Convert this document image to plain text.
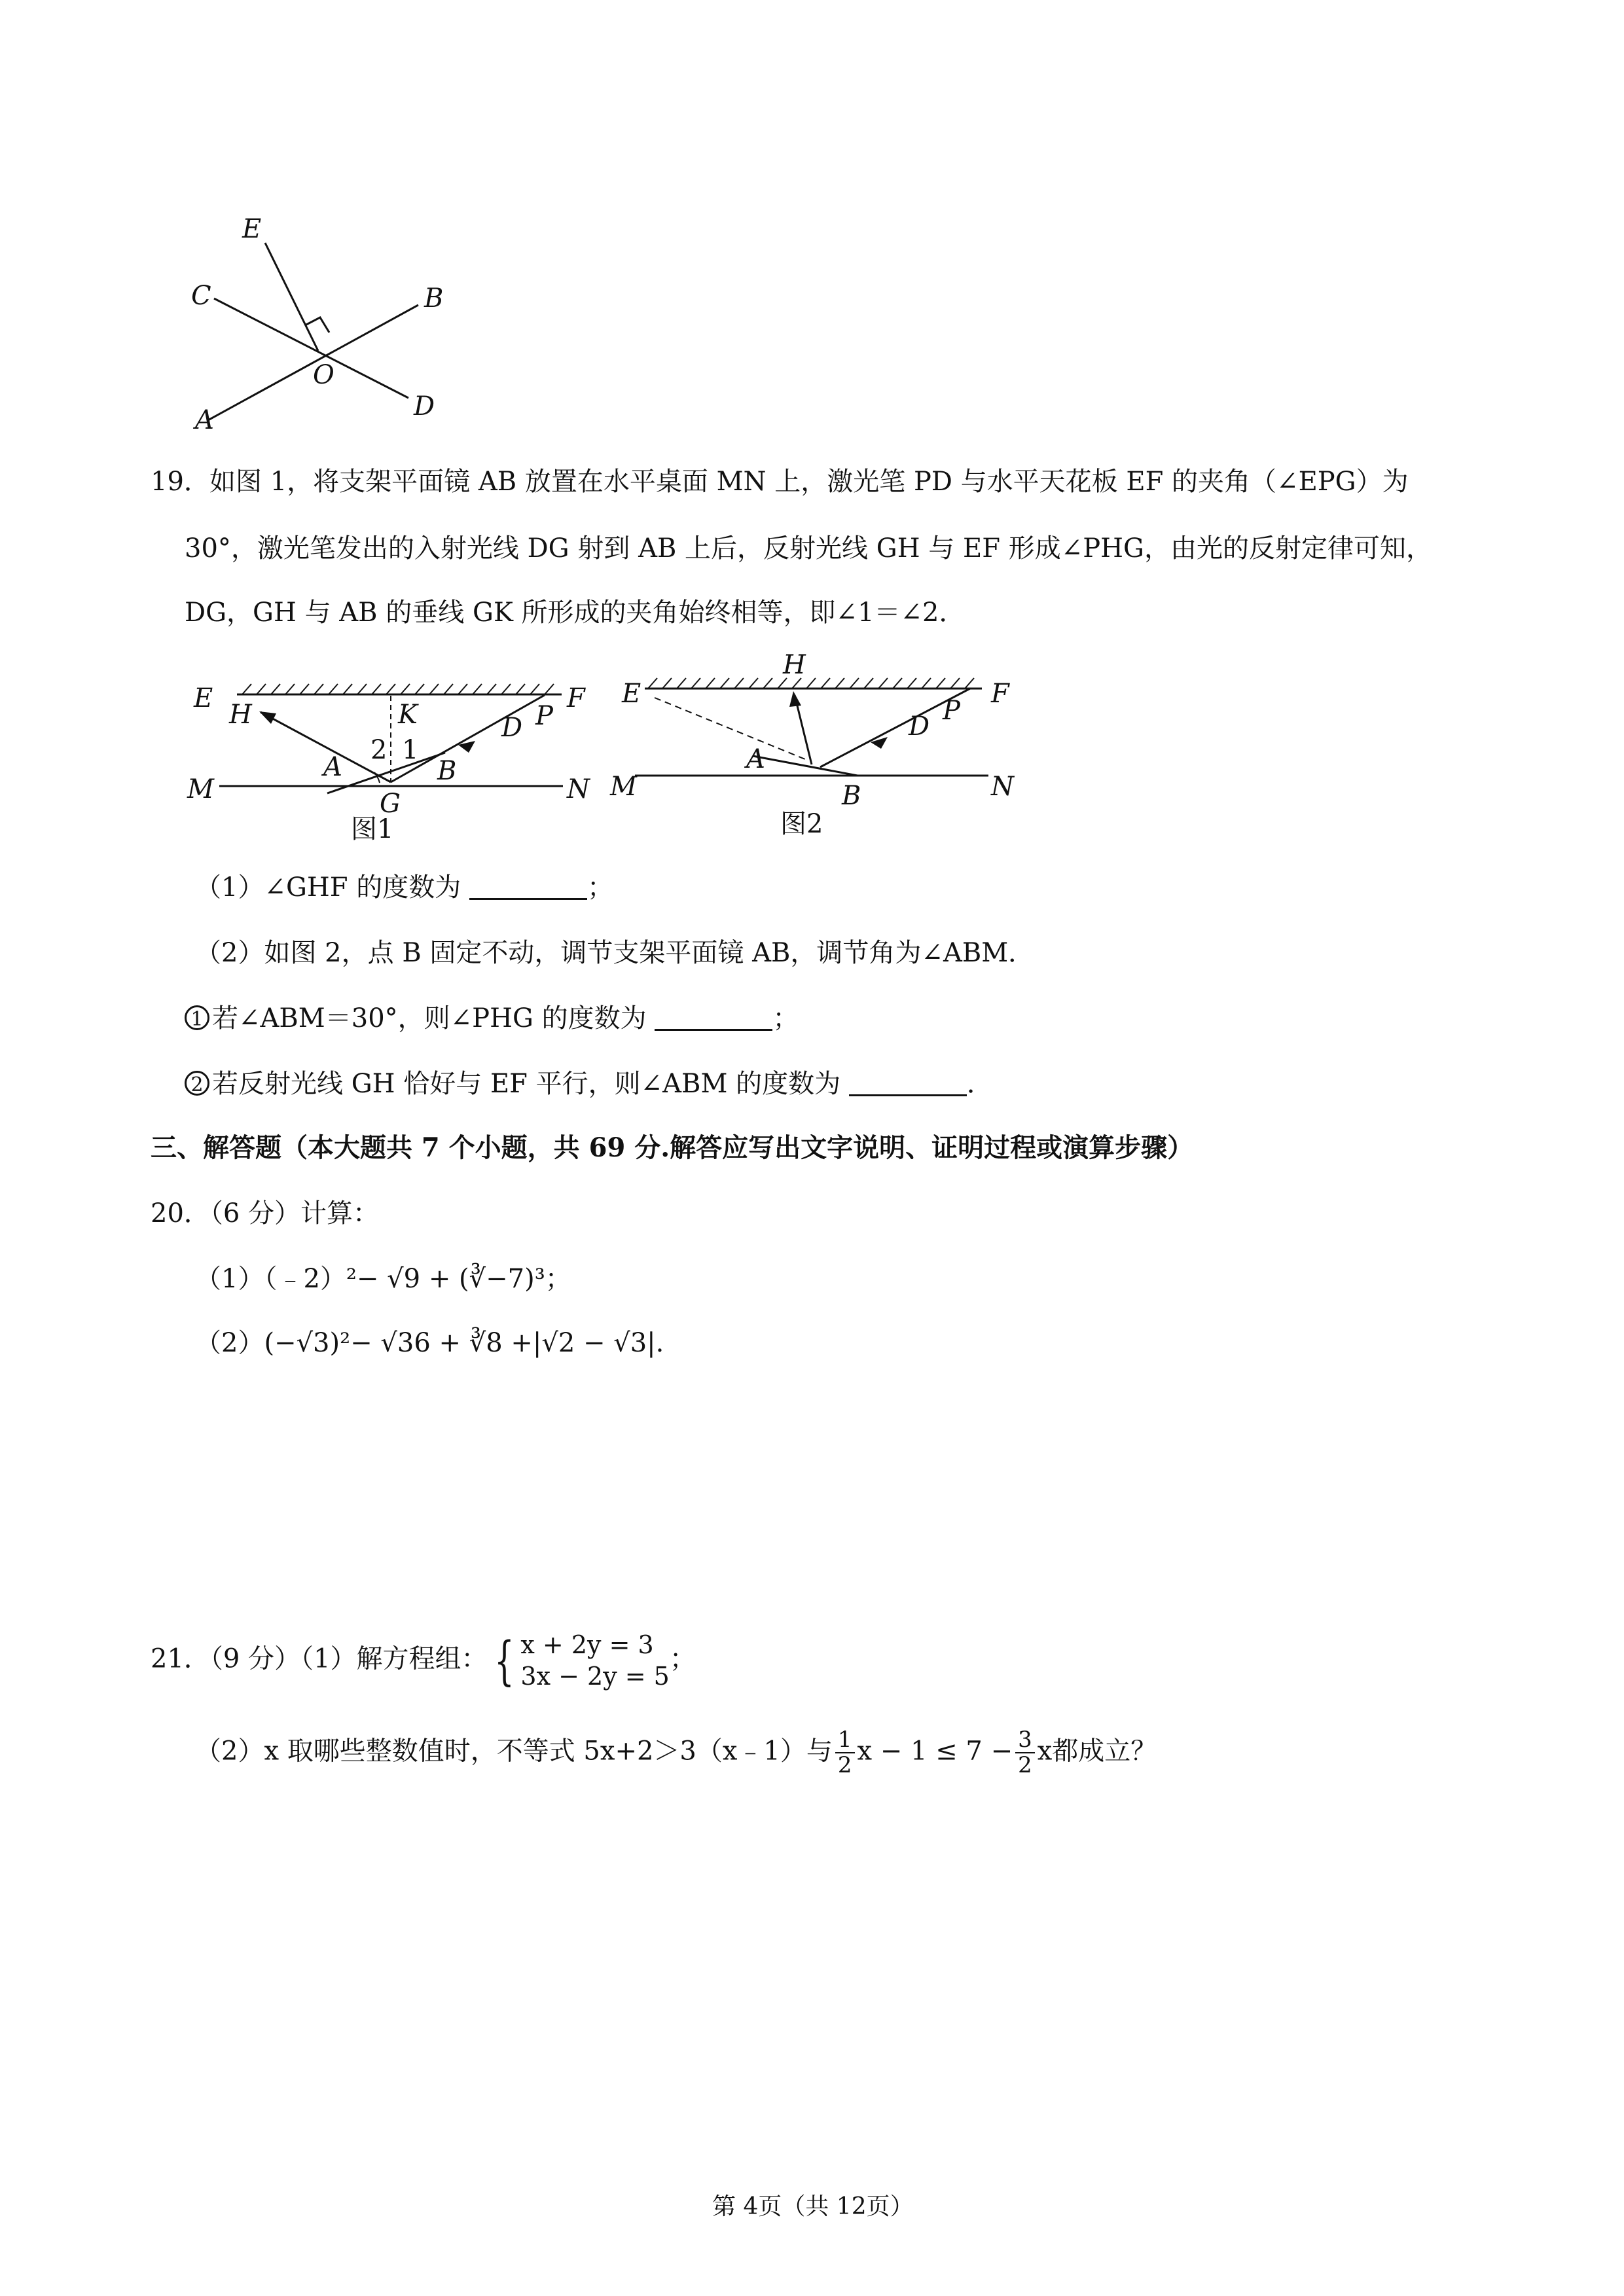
E
C	B
O
A	D
19． 如图 1，将支架平面镜 AB 放置在水平桌面 MN 上，激光笔 PD 与水平天花板 EF 的夹角（∠EPG）为
30°，激光笔发出的入射光线 DG 射到 AB 上后，反射光线 GH 与 EF 形成∠PHG，由光的反射定律可知，
DG，GH 与 AB 的垂线 GK 所形成的夹角始终相等，即∠1＝∠2．
E
H	K
F
D P
2 1
A	B
M	G	N
图1
E
H
F
D
P
A
M	B	N
图2
（1）∠GHF 的度数为	；
（2）如图 2，点 B 固定不动，调节支架平面镜 AB，调节角为∠ABM．
1 若∠ABM＝30°，则∠PHG 的度数为	；
2 若反射光线 GH 恰好与 EF 平行，则∠ABM 的度数为	．
三、解答题（本大题共 7 个小题，共 69 分.解答应写出文字说明、证明过程或演算步骤）
20．（6 分）计算：
（1）（﹣2）²− √9 + (∛−7)³；
（2）(−√3)²− √36 + ∛8 +|√2 − √3|.
21．（9 分）（1）解方程组： { x + 2y = 3
3x − 2y = 5
；
（2）x 取哪些整数值时，不等式 5x+2＞3（x﹣1）与 $\frac{1}{2}$ $x - 1 \le 7 - \frac{3}{2}$ x都成立？
第 4页（共 12页）
